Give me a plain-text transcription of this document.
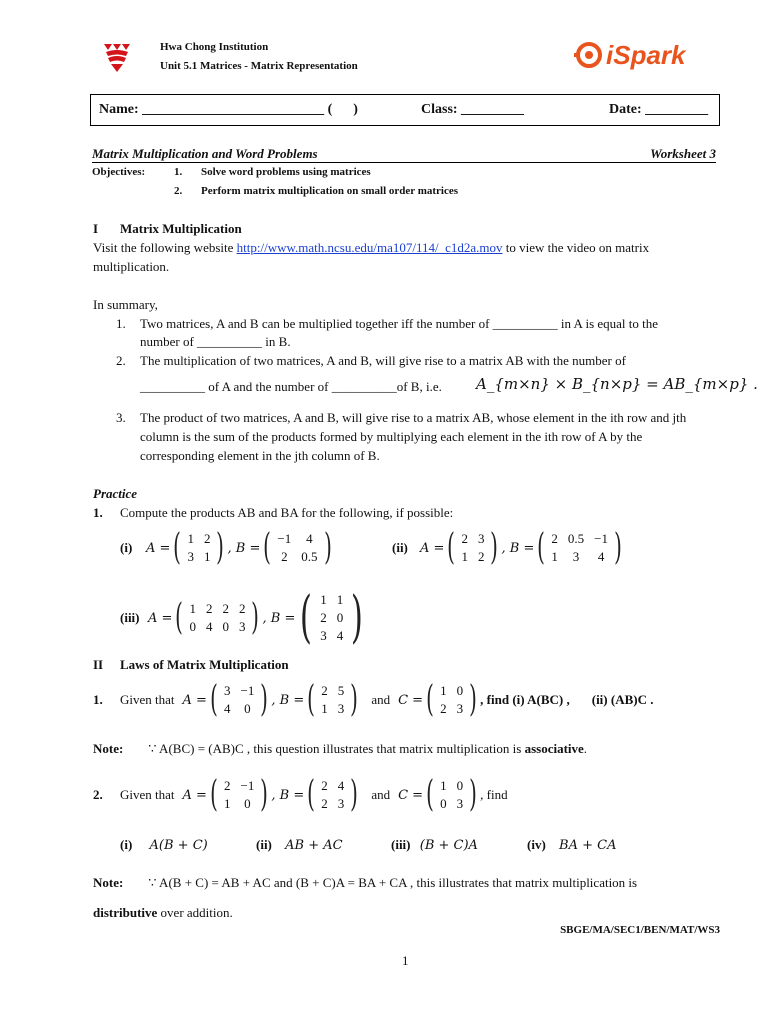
Hwa Chong Institution
Unit 5.1 Matrices - Matrix Representation	iSpark
Name: __________________________ (      )	Class: _________	Date: _________
Matrix Multiplication and Word Problems	Worksheet 3
Objectives:	1. Solve word problems using matrices
2. Perform matrix multiplication on small order matrices
I Matrix Multiplication
Visit the following website http://www.math.ncsu.edu/ma107/114/_c1d2a.mov to view the video on matrix
multiplication.
In summary,
1. Two matrices, A and B can be multiplied together iff the number of __________ in A is equal to the
number of __________ in B.
2. The multiplication of two matrices, A and B, will give rise to a matrix AB with the number of
__________ of A and the number of __________of B, i.e. A_{m×n} × B_{n×p} = AB_{m×p} .
3. The product of two matrices, A and B, will give rise to a matrix AB, whose element in the ith row and jth
column is the sum of the products formed by multiplying each element in the ith row of A by the
corresponding element in the jth column of B.
Practice
1. Compute the products AB and BA for the following, if possible:
(i)	A = ( 1	2
3	1 ) , B = ( −1	4
2	0.5 )	(ii) A = ( 2	3
1	2 ) , B = ( 2	0.5	−1
1	3	4 )
(iii) A = ( 1	2	2	2
0	4	0	3 ) , B = ( 1	1
2	0
3	4 )
II Laws of Matrix Multiplication
1.	Given that A = ( 3	−1
4	0 ) , B = ( 2	5
1	3 ) and C = ( 1	0
2	3 ) , find (i) A(BC) , (ii) (AB)C .
Note: ∵ A(BC) = (AB)C , this question illustrates that matrix multiplication is associative.
2.	Given that A = ( 2	−1
1	0 ) , B = ( 2	4
2	3 ) and C = ( 1	0
0	3 ) , find
(i) A(B + C)	(ii) AB + AC	(iii) (B + C)A	(iv) BA + CA
Note: ∵ A(B + C) = AB + AC and (B + C)A = BA + CA , this illustrates that matrix multiplication is
distributive over addition.
SBGE/MA/SEC1/BEN/MAT/WS3
1
